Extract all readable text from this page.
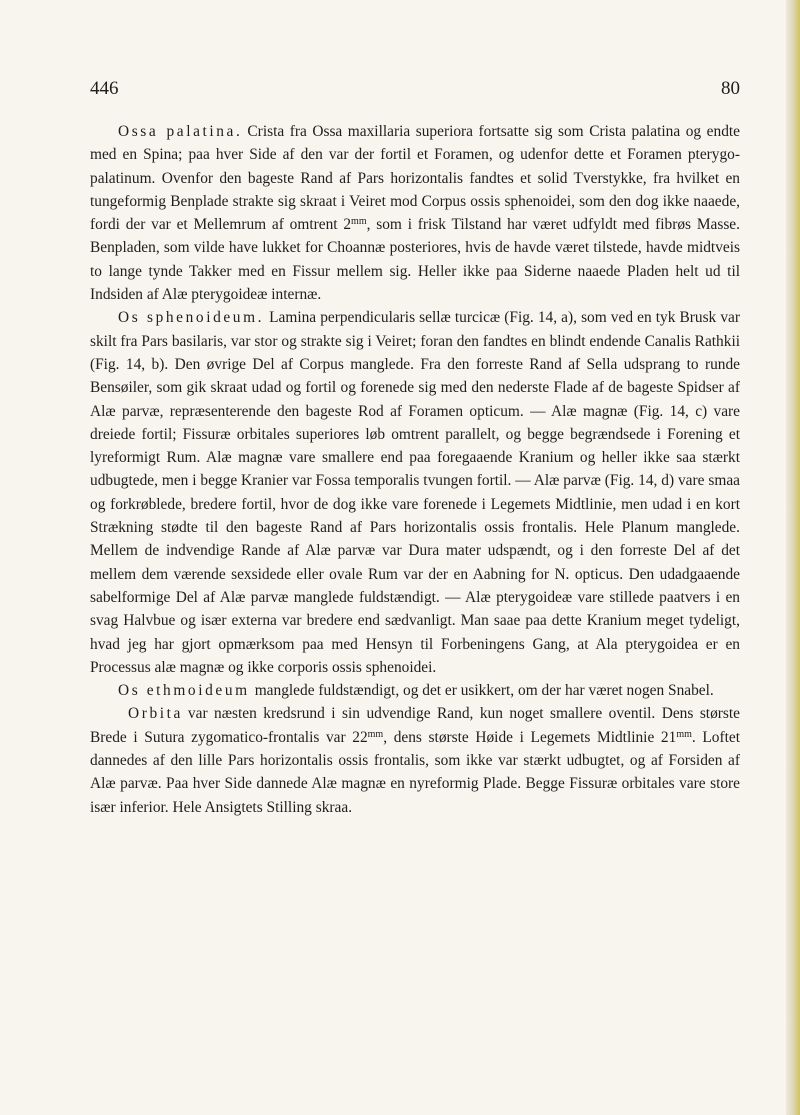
446	80

Ossa palatina. Crista fra Ossa maxillaria superiora fortsatte sig som Crista palatina og endte med en Spina; paa hver Side af den var der fortil et Foramen, og udenfor dette et Foramen pterygo-palatinum. Ovenfor den bageste Rand af Pars horizontalis fandtes et solid Tverstykke, fra hvilket en tungeformig Benplade strakte sig skraat i Veiret mod Corpus ossis sphenoidei, som den dog ikke naaede, fordi der var et Mellemrum af omtrent $2^{mm}$, som i frisk Tilstand har været udfyldt med fibrøs Masse. Benpladen, som vilde have lukket for Choannæ posteriores, hvis de havde været tilstede, havde midtveis to lange tynde Takker med en Fissur mellem sig. Heller ikke paa Siderne naaede Pladen helt ud til Indsiden af Alæ pterygoideæ internæ.

Os sphenoideum. Lamina perpendicularis sellæ turcicæ (Fig. 14, a), som ved en tyk Brusk var skilt fra Pars basilaris, var stor og strakte sig i Veiret; foran den fandtes en blindt endende Canalis Rathkii (Fig. 14, b). Den øvrige Del af Corpus manglede. Fra den forreste Rand af Sella udsprang to runde Bensøiler, som gik skraat udad og fortil og forenede sig med den nederste Flade af de bageste Spidser af Alæ parvæ, repræsenterende den bageste Rod af Foramen opticum. — Alæ magnæ (Fig. 14, c) vare dreiede fortil; Fissuræ orbitales superiores løb omtrent parallelt, og begge begrændsede i Forening et lyreformigt Rum. Alæ magnæ vare smallere end paa foregaaende Kranium og heller ikke saa stærkt udbugtede, men i begge Kranier var Fossa temporalis tvungen fortil. — Alæ parvæ (Fig. 14, d) vare smaa og forkrøblede, bredere fortil, hvor de dog ikke vare forenede i Legemets Midtlinie, men udad i en kort Strækning stødte til den bageste Rand af Pars horizontalis ossis frontalis. Hele Planum manglede. Mellem de indvendige Rande af Alæ parvæ var Dura mater udspændt, og i den forreste Del af det mellem dem værende sexsidede eller ovale Rum var der en Aabning for N. opticus. Den udadgaaende sabelformige Del af Alæ parvæ manglede fuldstændigt. — Alæ pterygoideæ vare stillede paatvers i en svag Halvbue og især externa var bredere end sædvanligt. Man saae paa dette Kranium meget tydeligt, hvad jeg har gjort opmærksom paa med Hensyn til Forbeningens Gang, at Ala pterygoidea er en Processus alæ magnæ og ikke corporis ossis sphenoidei.

Os ethmoideum manglede fuldstændigt, og det er usikkert, om der har været nogen Snabel.

Orbita var næsten kredsrund i sin udvendige Rand, kun noget smallere oventil. Dens største Brede i Sutura zygomatico-frontalis var $22^{mm}$, dens største Høide i Legemets Midtlinie $21^{mm}$. Loftet dannedes af den lille Pars horizontalis ossis frontalis, som ikke var stærkt udbugtet, og af Forsiden af Alæ parvæ. Paa hver Side dannede Alæ magnæ en nyreformig Plade. Begge Fissuræ orbitales vare store især inferior. Hele Ansigtets Stilling skraa.
